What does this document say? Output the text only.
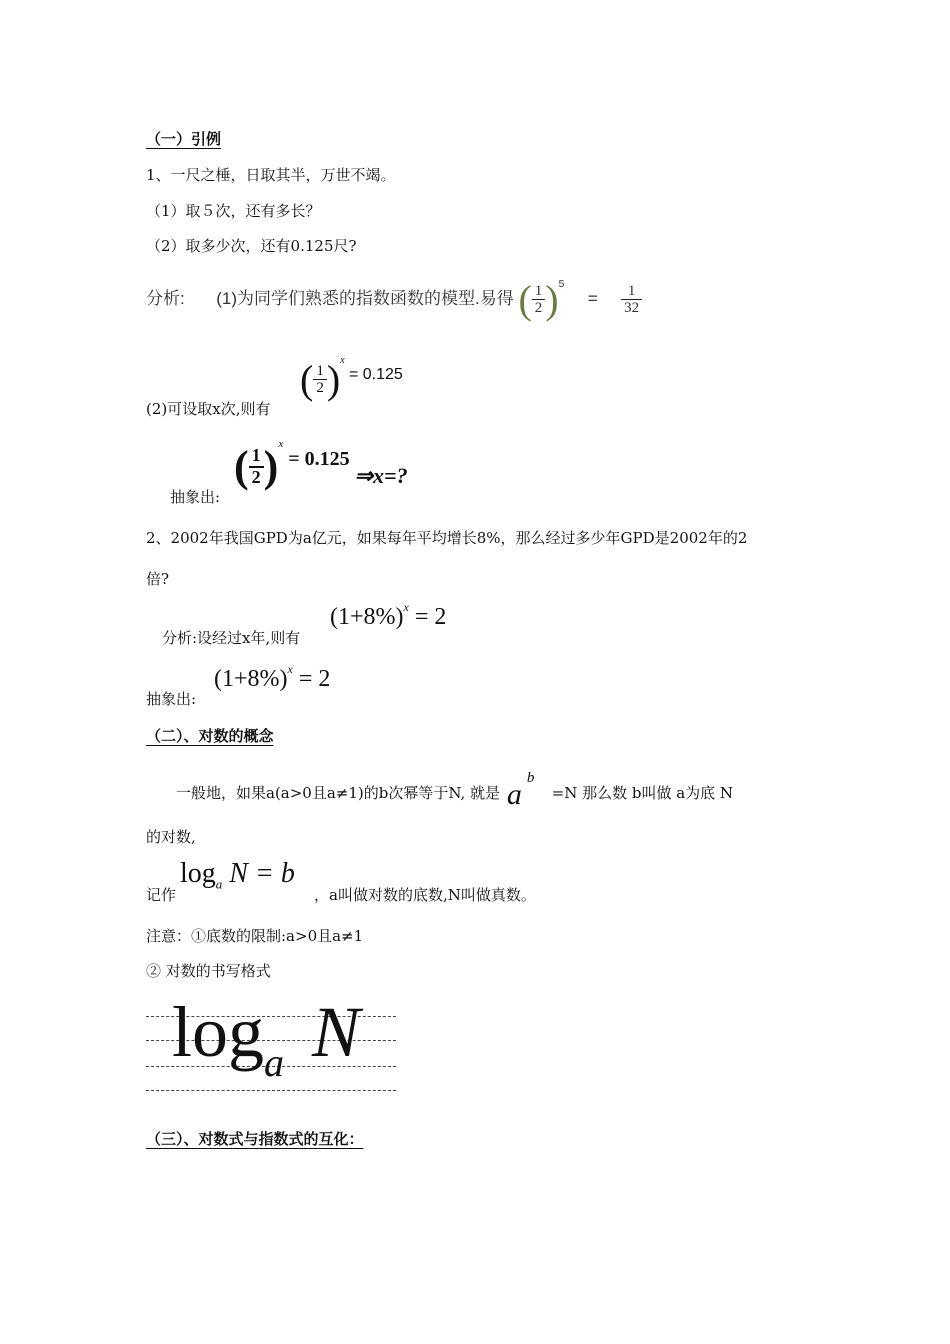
（一）引例
1、一尺之棰，日取其半，万世不竭。
（1）取５次，还有多长？
（2）取多少次，还有0.125尺?
分析: (1)为同学们熟悉的指数函数的模型.易得 ( $\frac{1}{2} )^5 = \frac{1}{32}$
( $\frac{1}{2} )^x = 0.125$
(2)可设取x次,则有
( $\frac{1}{2} )^x = 0.125$ ⇒x=?
抽象出:
2、2002年我国GPD为a亿元，如果每年平均增长8%，那么经过多少年GPD是2002年的2
倍?
分析:设经过x年,则有
$(1+8\%)^x = 2$
抽象出:
$(1+8\%)^x = 2$
（二）、对数的概念
一般地，如果a(a>0且a≠1)的b次幂等于N, 就是 a b
=N 那么数 b叫做 a为底 N
的对数,
记作
$\log_a N = b$
，a叫做对数的底数,N叫做真数。
注意：①底数的限制:a>0且a≠1
② 对数的书写格式
$\log_a N$
（三）、对数式与指数式的互化：
